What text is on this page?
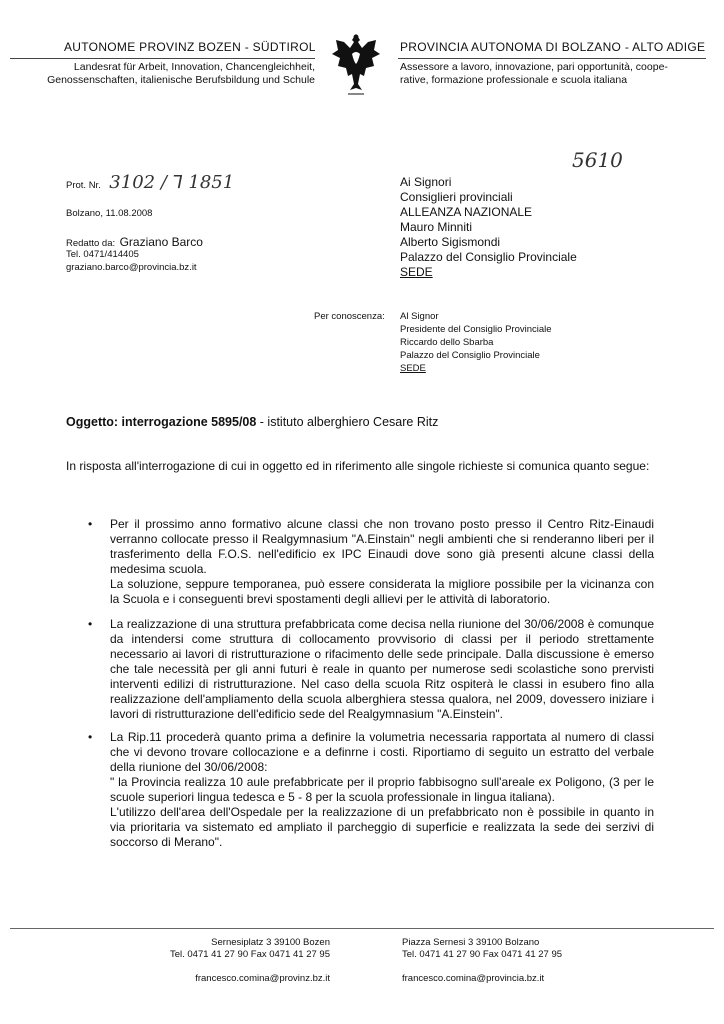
AUTONOME PROVINZ BOZEN - SÜDTIROL
Landesrat für Arbeit, Innovation, Chancengleichheit,
Genossenschaften, italienische Berufsbildung und Schule
PROVINCIA AUTONOMA DI BOLZANO - ALTO ADIGE
Assessore a lavoro, innovazione, pari opportunità, coope-
rative, formazione professionale e scuola italiana
5610
Prot. Nr. 3102 / ⅂ 1851
Bolzano, 11.08.2008
Redatto da: Graziano Barco
Tel. 0471/414405
graziano.barco@provincia.bz.it
Ai Signori
Consiglieri provinciali
ALLEANZA NAZIONALE
Mauro Minniti
Alberto Sigismondi
Palazzo del Consiglio Provinciale
SEDE
Per conoscenza: Al Signor
Presidente del Consiglio Provinciale
Riccardo dello Sbarba
Palazzo del Consiglio Provinciale
SEDE
Oggetto: interrogazione 5895/08 - istituto alberghiero Cesare Ritz
In risposta all'interrogazione di cui in oggetto ed in riferimento alle singole richieste si comunica quanto segue:
• Per il prossimo anno formativo alcune classi che non trovano posto presso il Centro Ritz-Einaudi verranno collocate presso il Realgymnasium "A.Einstain" negli ambienti che si renderanno liberi per il trasferimento della F.O.S. nell'edificio ex IPC Einaudi dove sono già presenti alcune classi della medesima scuola.
La soluzione, seppure temporanea, può essere considerata la migliore possibile per la vicinanza con la Scuola e i conseguenti brevi spostamenti degli allievi per le attività di laboratorio.
• La realizzazione di una struttura prefabbricata come decisa nella riunione del 30/06/2008 è comunque da intendersi come struttura di collocamento provvisorio di classi per il periodo strettamente necessario ai lavori di ristrutturazione o rifacimento delle sede principale. Dalla discussione è emerso che tale necessità per gli anni futuri è reale in quanto per numerose sedi scolastiche sono prervisti interventi edilizi di ristrutturazione. Nel caso della scuola Ritz ospiterà le classi in esubero fino alla realizzazione dell'ampliamento della scuola alberghiera stessa qualora, nel 2009, dovessero iniziare i lavori di ristrutturazione dell'edificio sede del Realgymnasium "A.Einstein".
• La Rip.11 procederà quanto prima a definire la volumetria necessaria rapportata al numero di classi che vi devono trovare collocazione e a definrne i costi. Riportiamo di seguito un estratto del verbale della riunione del 30/06/2008:
" la Provincia realizza 10 aule prefabbricate per il proprio fabbisogno sull'areale ex Poligono, (3 per le scuole superiori lingua tedesca e 5 - 8 per la scuola professionale in lingua italiana).
L'utilizzo dell'area dell'Ospedale per la realizzazione di un prefabbricato non è possibile in quanto in via prioritaria va sistemato ed ampliato il parcheggio di superficie e realizzata la sede dei serzivi di soccorso di Merano".
Sernesiplatz 3 39100 Bozen
Tel. 0471 41 27 90 Fax 0471 41 27 95
francesco.comina@provinz.bz.it
Piazza Sernesi 3 39100 Bolzano
Tel. 0471 41 27 90 Fax 0471 41 27 95
francesco.comina@provincia.bz.it
